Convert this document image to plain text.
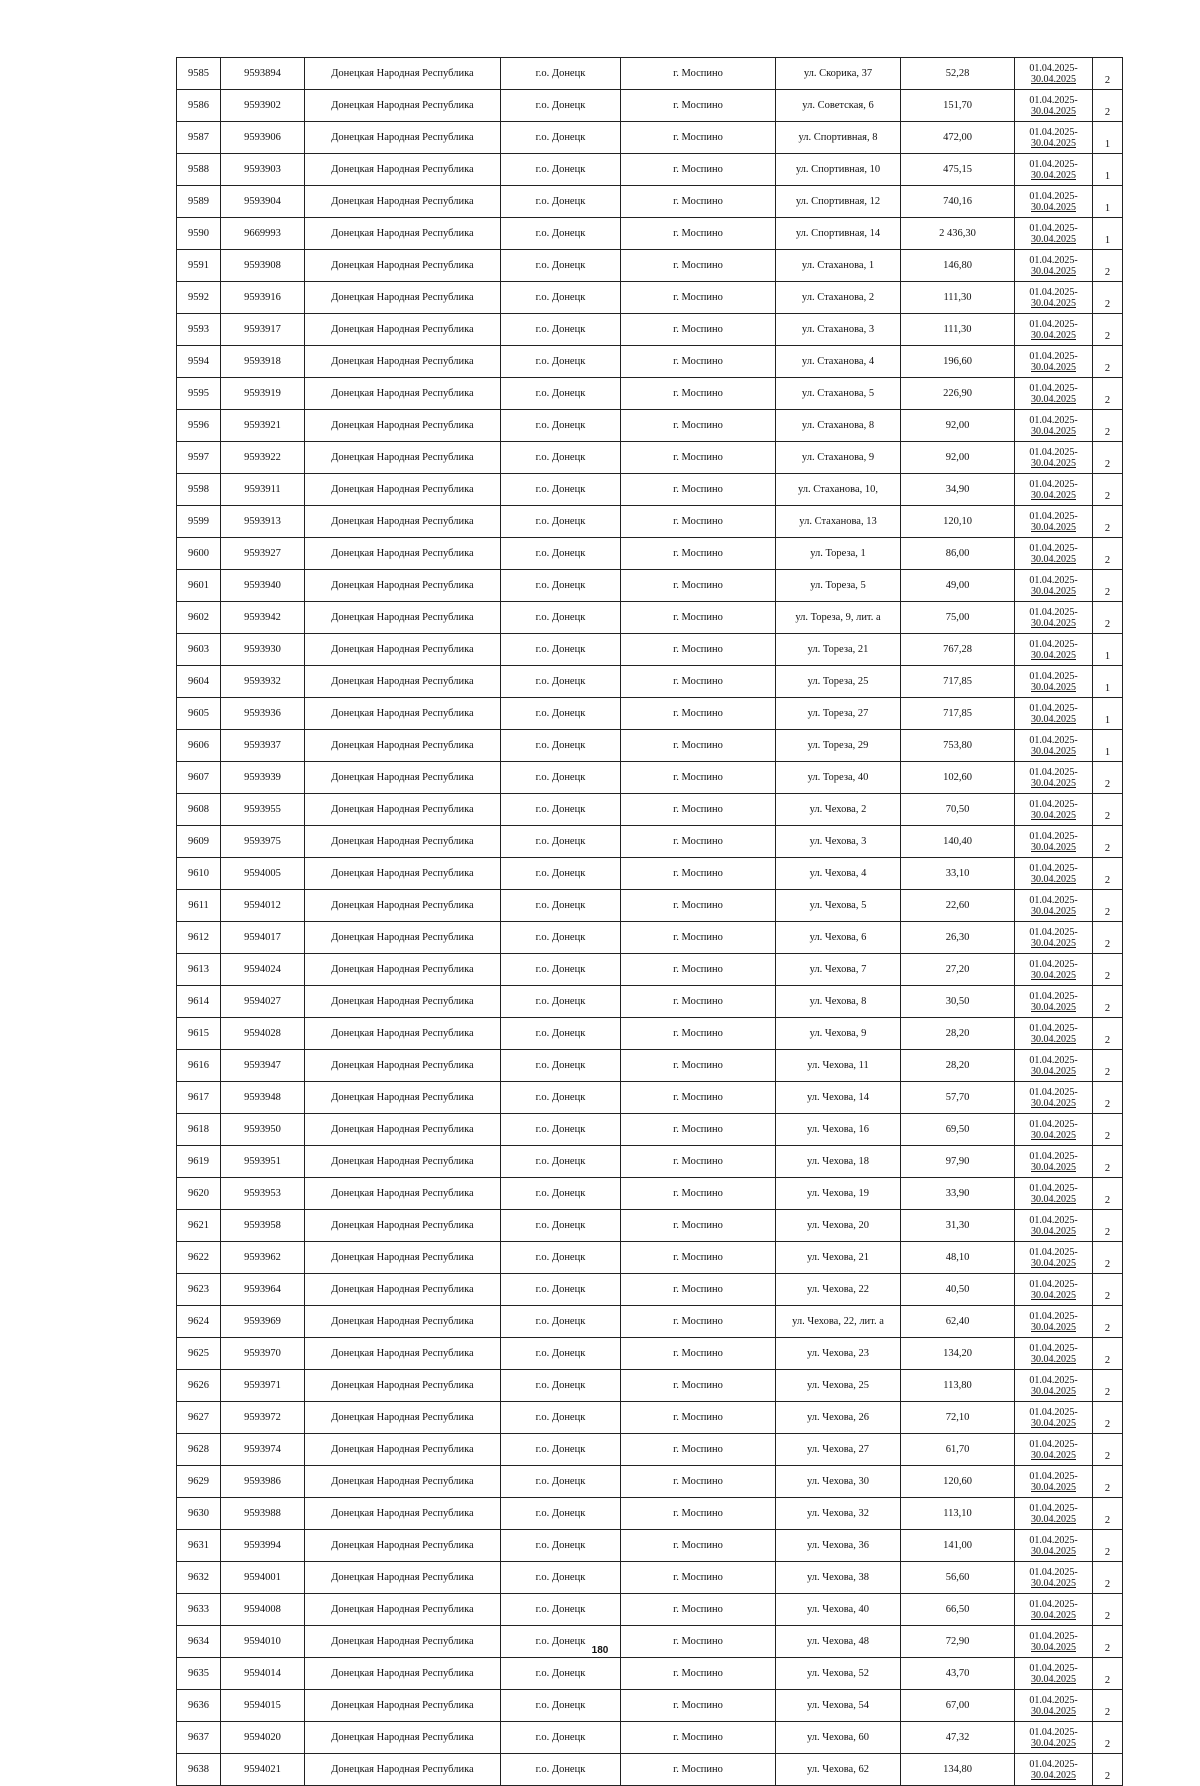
9585	9593894	Донецкая Народная Республика	г.о. Донецк	г. Моспино	ул. Скорика, 37	52,28	01.04.2025-
30.04.2025	2
9586	9593902	Донецкая Народная Республика	г.о. Донецк	г. Моспино	ул. Советская, 6	151,70	01.04.2025-
30.04.2025	2
9587	9593906	Донецкая Народная Республика	г.о. Донецк	г. Моспино	ул. Спортивная, 8	472,00	01.04.2025-
30.04.2025	1
9588	9593903	Донецкая Народная Республика	г.о. Донецк	г. Моспино	ул. Спортивная, 10	475,15	01.04.2025-
30.04.2025	1
9589	9593904	Донецкая Народная Республика	г.о. Донецк	г. Моспино	ул. Спортивная, 12	740,16	01.04.2025-
30.04.2025	1
9590	9669993	Донецкая Народная Республика	г.о. Донецк	г. Моспино	ул. Спортивная, 14	2 436,30	01.04.2025-
30.04.2025	1
9591	9593908	Донецкая Народная Республика	г.о. Донецк	г. Моспино	ул. Стаханова, 1	146,80	01.04.2025-
30.04.2025	2
9592	9593916	Донецкая Народная Республика	г.о. Донецк	г. Моспино	ул. Стаханова, 2	111,30	01.04.2025-
30.04.2025	2
9593	9593917	Донецкая Народная Республика	г.о. Донецк	г. Моспино	ул. Стаханова, 3	111,30	01.04.2025-
30.04.2025	2
9594	9593918	Донецкая Народная Республика	г.о. Донецк	г. Моспино	ул. Стаханова, 4	196,60	01.04.2025-
30.04.2025	2
9595	9593919	Донецкая Народная Республика	г.о. Донецк	г. Моспино	ул. Стаханова, 5	226,90	01.04.2025-
30.04.2025	2
9596	9593921	Донецкая Народная Республика	г.о. Донецк	г. Моспино	ул. Стаханова, 8	92,00	01.04.2025-
30.04.2025	2
9597	9593922	Донецкая Народная Республика	г.о. Донецк	г. Моспино	ул. Стаханова, 9	92,00	01.04.2025-
30.04.2025	2
9598	9593911	Донецкая Народная Республика	г.о. Донецк	г. Моспино	ул. Стаханова, 10,	34,90	01.04.2025-
30.04.2025	2
9599	9593913	Донецкая Народная Республика	г.о. Донецк	г. Моспино	ул. Стаханова, 13	120,10	01.04.2025-
30.04.2025	2
9600	9593927	Донецкая Народная Республика	г.о. Донецк	г. Моспино	ул. Тореза, 1	86,00	01.04.2025-
30.04.2025	2
9601	9593940	Донецкая Народная Республика	г.о. Донецк	г. Моспино	ул. Тореза, 5	49,00	01.04.2025-
30.04.2025	2
9602	9593942	Донецкая Народная Республика	г.о. Донецк	г. Моспино	ул. Тореза, 9, лит. а	75,00	01.04.2025-
30.04.2025	2
9603	9593930	Донецкая Народная Республика	г.о. Донецк	г. Моспино	ул. Тореза, 21	767,28	01.04.2025-
30.04.2025	1
9604	9593932	Донецкая Народная Республика	г.о. Донецк	г. Моспино	ул. Тореза, 25	717,85	01.04.2025-
30.04.2025	1
9605	9593936	Донецкая Народная Республика	г.о. Донецк	г. Моспино	ул. Тореза, 27	717,85	01.04.2025-
30.04.2025	1
9606	9593937	Донецкая Народная Республика	г.о. Донецк	г. Моспино	ул. Тореза, 29	753,80	01.04.2025-
30.04.2025	1
9607	9593939	Донецкая Народная Республика	г.о. Донецк	г. Моспино	ул. Тореза, 40	102,60	01.04.2025-
30.04.2025	2
9608	9593955	Донецкая Народная Республика	г.о. Донецк	г. Моспино	ул. Чехова, 2	70,50	01.04.2025-
30.04.2025	2
9609	9593975	Донецкая Народная Республика	г.о. Донецк	г. Моспино	ул. Чехова, 3	140,40	01.04.2025-
30.04.2025	2
9610	9594005	Донецкая Народная Республика	г.о. Донецк	г. Моспино	ул. Чехова, 4	33,10	01.04.2025-
30.04.2025	2
9611	9594012	Донецкая Народная Республика	г.о. Донецк	г. Моспино	ул. Чехова, 5	22,60	01.04.2025-
30.04.2025	2
9612	9594017	Донецкая Народная Республика	г.о. Донецк	г. Моспино	ул. Чехова, 6	26,30	01.04.2025-
30.04.2025	2
9613	9594024	Донецкая Народная Республика	г.о. Донецк	г. Моспино	ул. Чехова, 7	27,20	01.04.2025-
30.04.2025	2
9614	9594027	Донецкая Народная Республика	г.о. Донецк	г. Моспино	ул. Чехова, 8	30,50	01.04.2025-
30.04.2025	2
9615	9594028	Донецкая Народная Республика	г.о. Донецк	г. Моспино	ул. Чехова, 9	28,20	01.04.2025-
30.04.2025	2
9616	9593947	Донецкая Народная Республика	г.о. Донецк	г. Моспино	ул. Чехова, 11	28,20	01.04.2025-
30.04.2025	2
9617	9593948	Донецкая Народная Республика	г.о. Донецк	г. Моспино	ул. Чехова, 14	57,70	01.04.2025-
30.04.2025	2
9618	9593950	Донецкая Народная Республика	г.о. Донецк	г. Моспино	ул. Чехова, 16	69,50	01.04.2025-
30.04.2025	2
9619	9593951	Донецкая Народная Республика	г.о. Донецк	г. Моспино	ул. Чехова, 18	97,90	01.04.2025-
30.04.2025	2
9620	9593953	Донецкая Народная Республика	г.о. Донецк	г. Моспино	ул. Чехова, 19	33,90	01.04.2025-
30.04.2025	2
9621	9593958	Донецкая Народная Республика	г.о. Донецк	г. Моспино	ул. Чехова, 20	31,30	01.04.2025-
30.04.2025	2
9622	9593962	Донецкая Народная Республика	г.о. Донецк	г. Моспино	ул. Чехова, 21	48,10	01.04.2025-
30.04.2025	2
9623	9593964	Донецкая Народная Республика	г.о. Донецк	г. Моспино	ул. Чехова, 22	40,50	01.04.2025-
30.04.2025	2
9624	9593969	Донецкая Народная Республика	г.о. Донецк	г. Моспино	ул. Чехова, 22, лит. а	62,40	01.04.2025-
30.04.2025	2
9625	9593970	Донецкая Народная Республика	г.о. Донецк	г. Моспино	ул. Чехова, 23	134,20	01.04.2025-
30.04.2025	2
9626	9593971	Донецкая Народная Республика	г.о. Донецк	г. Моспино	ул. Чехова, 25	113,80	01.04.2025-
30.04.2025	2
9627	9593972	Донецкая Народная Республика	г.о. Донецк	г. Моспино	ул. Чехова, 26	72,10	01.04.2025-
30.04.2025	2
9628	9593974	Донецкая Народная Республика	г.о. Донецк	г. Моспино	ул. Чехова, 27	61,70	01.04.2025-
30.04.2025	2
9629	9593986	Донецкая Народная Республика	г.о. Донецк	г. Моспино	ул. Чехова, 30	120,60	01.04.2025-
30.04.2025	2
9630	9593988	Донецкая Народная Республика	г.о. Донецк	г. Моспино	ул. Чехова, 32	113,10	01.04.2025-
30.04.2025	2
9631	9593994	Донецкая Народная Республика	г.о. Донецк	г. Моспино	ул. Чехова, 36	141,00	01.04.2025-
30.04.2025	2
9632	9594001	Донецкая Народная Республика	г.о. Донецк	г. Моспино	ул. Чехова, 38	56,60	01.04.2025-
30.04.2025	2
9633	9594008	Донецкая Народная Республика	г.о. Донецк	г. Моспино	ул. Чехова, 40	66,50	01.04.2025-
30.04.2025	2
9634	9594010	Донецкая Народная Республика	г.о. Донецк	г. Моспино	ул. Чехова, 48	72,90	01.04.2025-
30.04.2025	2
9635	9594014	Донецкая Народная Республика	г.о. Донецк	г. Моспино	ул. Чехова, 52	43,70	01.04.2025-
30.04.2025	2
9636	9594015	Донецкая Народная Республика	г.о. Донецк	г. Моспино	ул. Чехова, 54	67,00	01.04.2025-
30.04.2025	2
9637	9594020	Донецкая Народная Республика	г.о. Донецк	г. Моспино	ул. Чехова, 60	47,32	01.04.2025-
30.04.2025	2
9638	9594021	Донецкая Народная Республика	г.о. Донецк	г. Моспино	ул. Чехова, 62	134,80	01.04.2025-
30.04.2025	2
180
